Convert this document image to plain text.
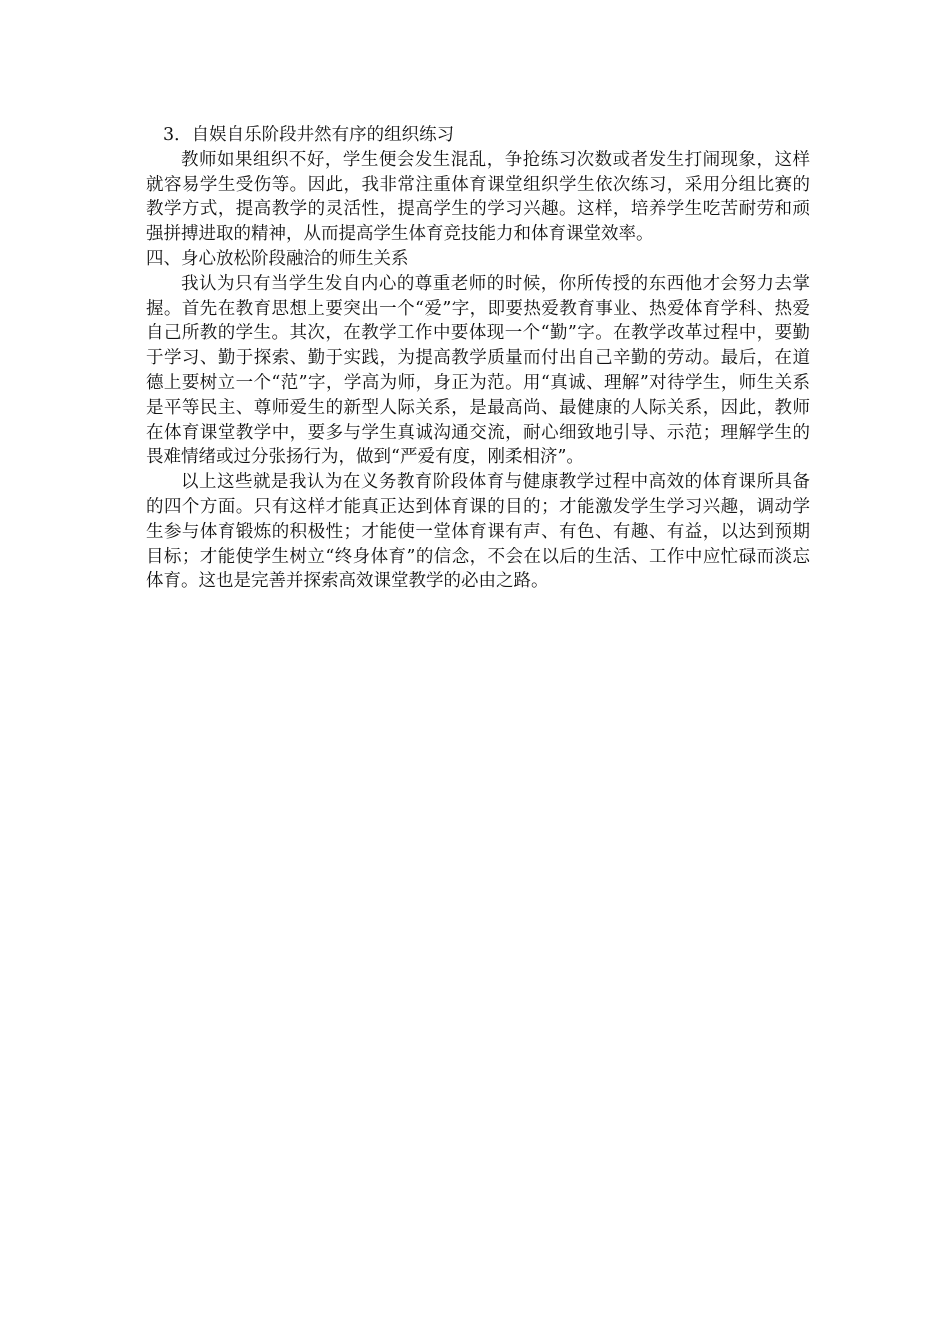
3．自娱自乐阶段井然有序的组织练习

教师如果组织不好，学生便会发生混乱，争抢练习次数或者发生打闹现象，这样就容易学生受伤等。因此，我非常注重体育课堂组织学生依次练习，采用分组比赛的教学方式，提高教学的灵活性，提高学生的学习兴趣。这样，培养学生吃苦耐劳和顽强拼搏进取的精神，从而提高学生体育竞技能力和体育课堂效率。

四、身心放松阶段融洽的师生关系

我认为只有当学生发自内心的尊重老师的时候，你所传授的东西他才会努力去掌握。首先在教育思想上要突出一个“爱”字，即要热爱教育事业、热爱体育学科、热爱自己所教的学生。其次，在教学工作中要体现一个“勤”字。在教学改革过程中，要勤于学习、勤于探索、勤于实践，为提高教学质量而付出自己辛勤的劳动。最后，在道德上要树立一个“范”字，学高为师，身正为范。用“真诚、理解”对待学生，师生关系是平等民主、尊师爱生的新型人际关系，是最高尚、最健康的人际关系，因此，教师在体育课堂教学中，要多与学生真诚沟通交流，耐心细致地引导、示范；理解学生的畏难情绪或过分张扬行为，做到“严爱有度，刚柔相济”。

以上这些就是我认为在义务教育阶段体育与健康教学过程中高效的体育课所具备的四个方面。只有这样才能真正达到体育课的目的；才能激发学生学习兴趣，调动学生参与体育锻炼的积极性；才能使一堂体育课有声、有色、有趣、有益，以达到预期目标；才能使学生树立“终身体育”的信念，不会在以后的生活、工作中应忙碌而淡忘体育。这也是完善并探索高效课堂教学的必由之路。
